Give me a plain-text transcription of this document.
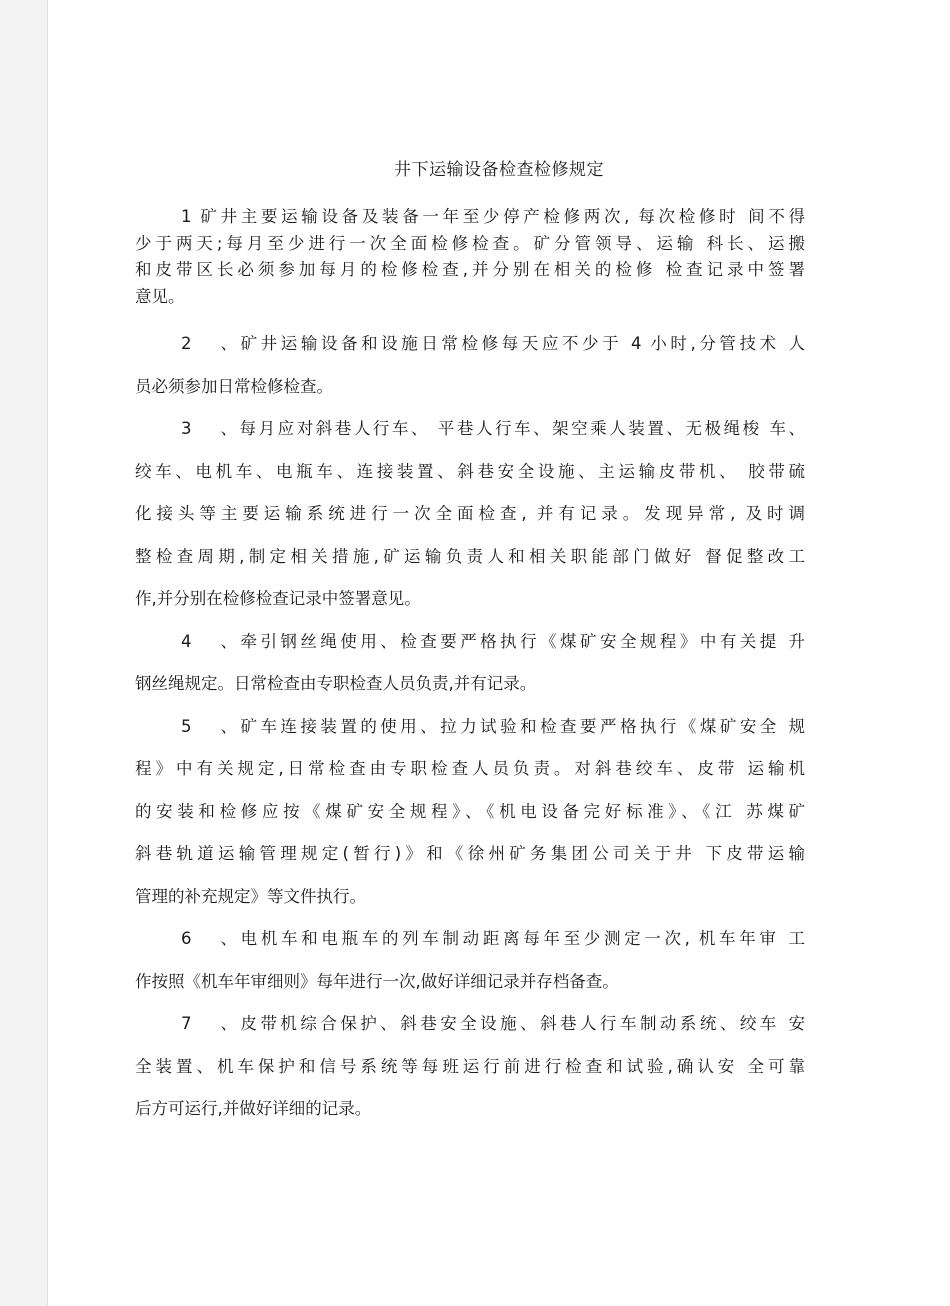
井下运输设备检查检修规定
1 矿井主要运输设备及装备一年至少停产检修两次, 每次检修时 间不得
少于两天;每月至少进行一次全面检修检查。矿分管领导、运输 科长、运搬
和皮带区长必须参加每月的检修检查,并分别在相关的检修 检查记录中签署
意见。
2、矿井运输设备和设施日常检修每天应不少于 4 小时,分管技术 人
员必须参加日常检修检查。
3、每月应对斜巷人行车、 平巷人行车、架空乘人装置、无极绳梭 车、
绞车、电机车、电瓶车、连接装置、斜巷安全设施、主运输皮带机、 胶带硫
化接头等主要运输系统进行一次全面检查, 并有记录。发现异常, 及时调
整检查周期,制定相关措施,矿运输负责人和相关职能部门做好 督促整改工
作,并分别在检修检查记录中签署意见。
4、牵引钢丝绳使用、检查要严格执行《煤矿安全规程》中有关提 升
钢丝绳规定。日常检查由专职检查人员负责,并有记录。
5、矿车连接装置的使用、拉力试验和检查要严格执行《煤矿安全 规
程》中有关规定,日常检查由专职检查人员负责。对斜巷绞车、皮带 运输机
的安装和检修应按《煤矿安全规程》、《机电设备完好标准》、《江 苏煤矿
斜巷轨道运输管理规定(暂行)》和《徐州矿务集团公司关于井 下皮带运输
管理的补充规定》等文件执行。
6、电机车和电瓶车的列车制动距离每年至少测定一次, 机车年审 工
作按照《机车年审细则》每年进行一次,做好详细记录并存档备查。
7、皮带机综合保护、斜巷安全设施、斜巷人行车制动系统、绞车 安
全装置、机车保护和信号系统等每班运行前进行检查和试验,确认安 全可靠
后方可运行,并做好详细的记录。
